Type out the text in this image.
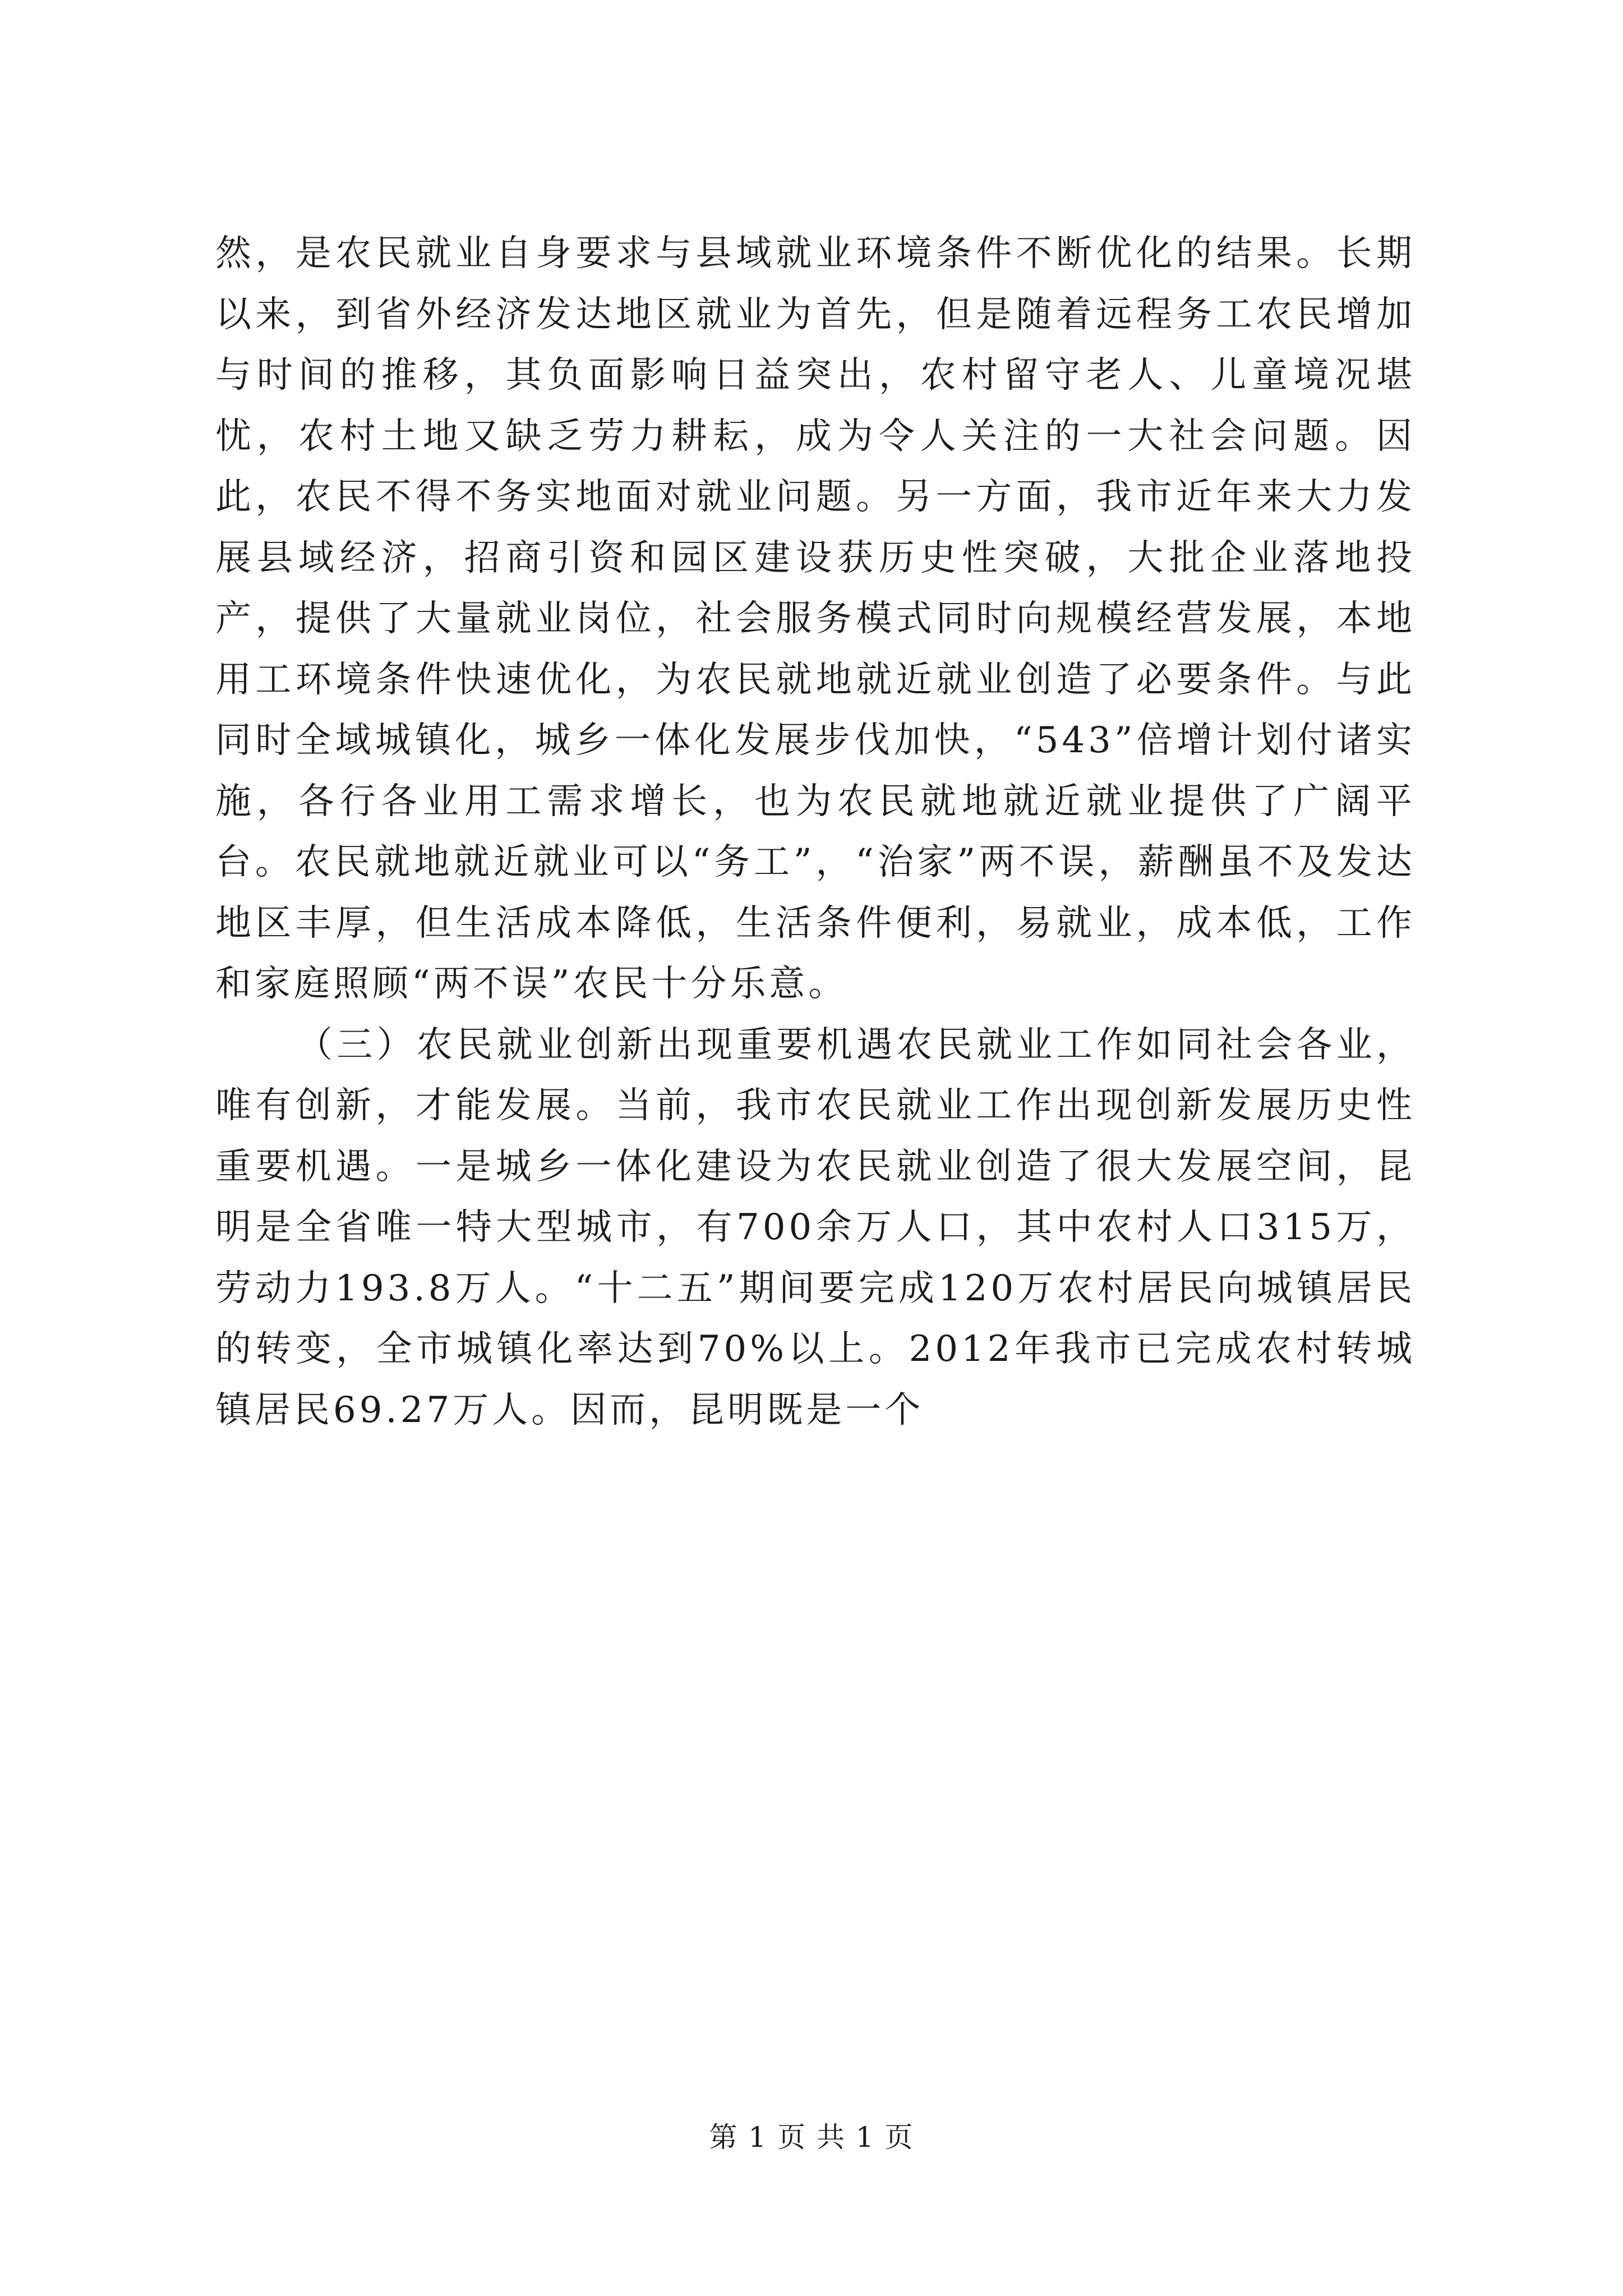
然，是农民就业自身要求与县域就业环境条件不断优化的结果。长期以来，到省外经济发达地区就业为首先，但是随着远程务工农民增加与时间的推移，其负面影响日益突出，农村留守老人、儿童境况堪忧，农村土地又缺乏劳力耕耘，成为令人关注的一大社会问题。因此，农民不得不务实地面对就业问题。另一方面，我市近年来大力发展县域经济，招商引资和园区建设获历史性突破，大批企业落地投产，提供了大量就业岗位，社会服务模式同时向规模经营发展，本地用工环境条件快速优化，为农民就地就近就业创造了必要条件。与此同时全域城镇化，城乡一体化发展步伐加快，“543”倍增计划付诸实施，各行各业用工需求增长，也为农民就地就近就业提供了广阔平台。农民就地就近就业可以“务工”，“治家”两不误，薪酬虽不及发达地区丰厚，但生活成本降低，生活条件便利，易就业，成本低，工作和家庭照顾“两不误”农民十分乐意。

（三）农民就业创新出现重要机遇农民就业工作如同社会各业，唯有创新，才能发展。当前，我市农民就业工作出现创新发展历史性重要机遇。一是城乡一体化建设为农民就业创造了很大发展空间，昆明是全省唯一特大型城市，有700余万人口，其中农村人口315万，劳动力193.8万人。“十二五”期间要完成120万农村居民向城镇居民的转变，全市城镇化率达到70%以上。2012年我市已完成农村转城镇居民69.27万人。因而，昆明既是一个

第 1 页 共 1 页
